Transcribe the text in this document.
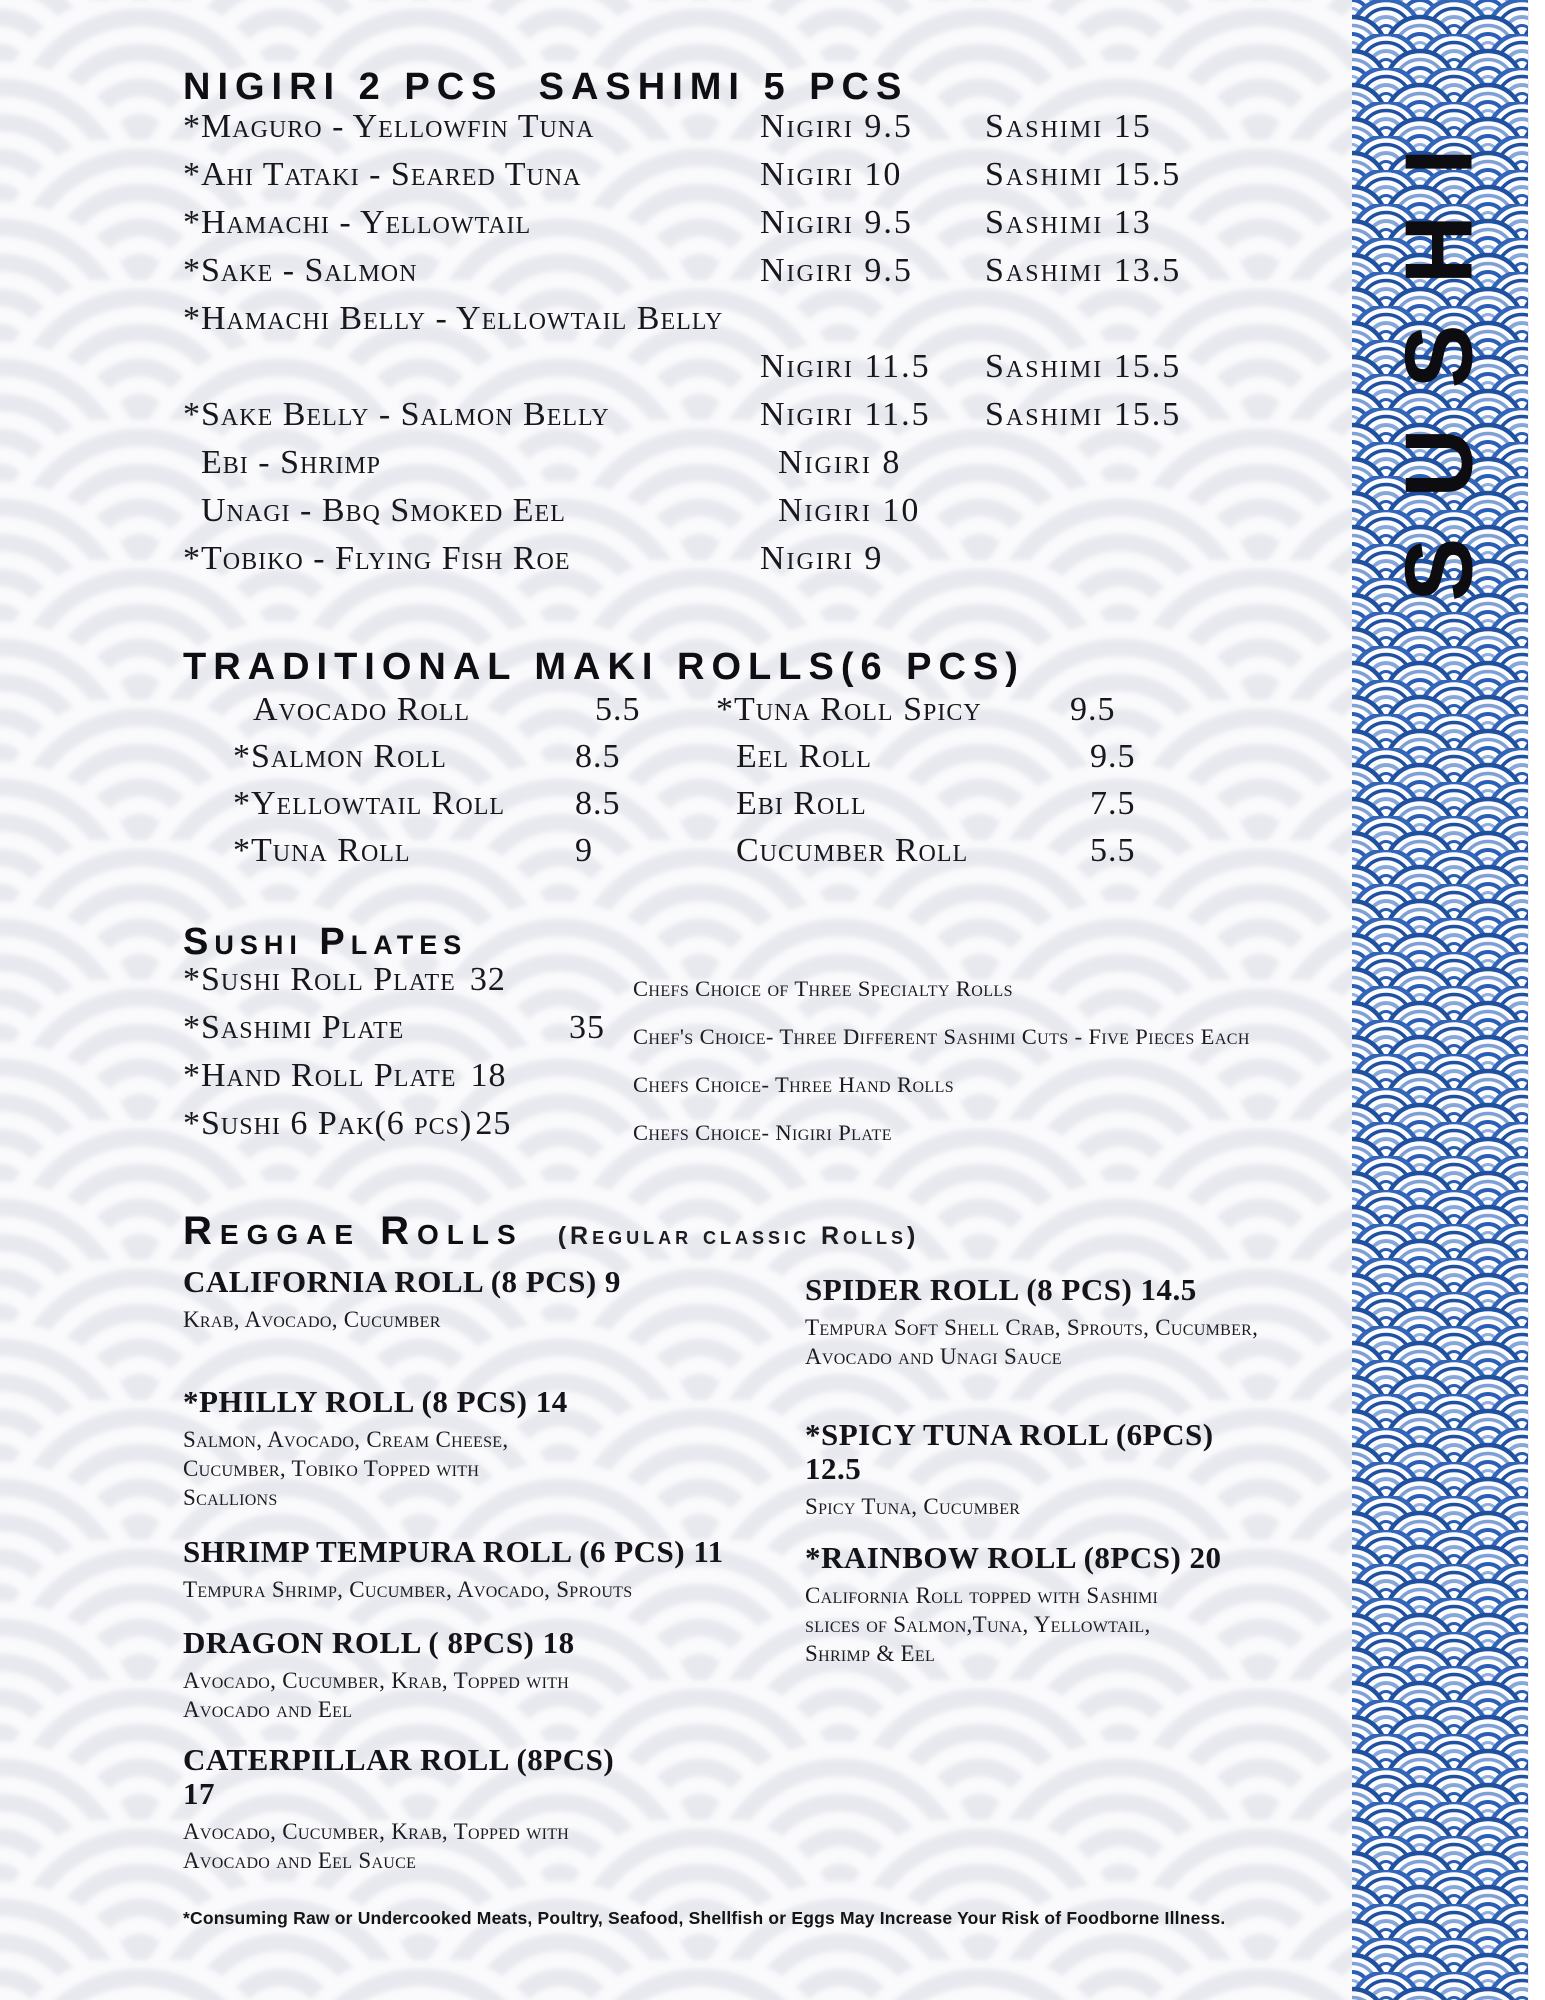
SUSHI
NIGIRI 2 PCS  SASHIMI 5 PCS
*Maguro - Yellowfin Tuna	Nigiri 9.5	Sashimi 15
*Ahi Tataki - Seared Tuna	Nigiri 10	Sashimi 15.5
*Hamachi - Yellowtail	Nigiri 9.5	Sashimi 13
*Sake - Salmon	Nigiri 9.5	Sashimi 13.5
*Hamachi Belly - Yellowtail Belly
Nigiri 11.5	Sashimi 15.5
*Sake Belly - Salmon Belly	Nigiri 11.5	Sashimi 15.5
Ebi - Shrimp	Nigiri 8
Unagi - Bbq Smoked Eel	Nigiri 10
*Tobiko - Flying Fish Roe	Nigiri 9
TRADITIONAL MAKI ROLLS(6 PCS)
Avocado Roll	5.5
*Salmon Roll	8.5
*Yellowtail Roll	8.5
*Tuna Roll	9
*Tuna Roll Spicy	9.5
Eel Roll	9.5
Ebi Roll	7.5
Cucumber Roll	5.5
Sushi Plates
*Sushi Roll Plate 32	Chefs Choice of Three Specialty Rolls
*Sashimi Plate	35 Chef's Choice- Three Different Sashimi Cuts - Five Pieces Each
*Hand Roll Plate 18	Chefs Choice- Three Hand Rolls
*Sushi 6 Pak(6 pcs) 25	Chefs Choice- Nigiri Plate
Reggae Rolls (Regular classic Rolls)
CALIFORNIA ROLL (8 PCS) 9
Krab, Avocado, Cucumber
*PHILLY ROLL (8 PCS) 14
Salmon, Avocado, Cream Cheese, Cucumber, Tobiko Topped with Scallions
SHRIMP TEMPURA ROLL (6 PCS) 11
Tempura Shrimp, Cucumber, Avocado, Sprouts
DRAGON ROLL ( 8PCS) 18
Avocado, Cucumber, Krab, Topped with Avocado and Eel
CATERPILLAR ROLL (8PCS) 17
Avocado, Cucumber, Krab, Topped with Avocado and Eel Sauce
SPIDER ROLL (8 PCS) 14.5
Tempura Soft Shell Crab, Sprouts, Cucumber, Avocado and Unagi Sauce
*SPICY TUNA ROLL (6PCS) 12.5
Spicy Tuna, Cucumber
*RAINBOW ROLL (8PCS) 20
California Roll topped with Sashimi slices of Salmon,Tuna, Yellowtail, Shrimp & Eel
*Consuming Raw or Undercooked Meats, Poultry, Seafood, Shellfish or Eggs May Increase Your Risk of Foodborne Illness.
